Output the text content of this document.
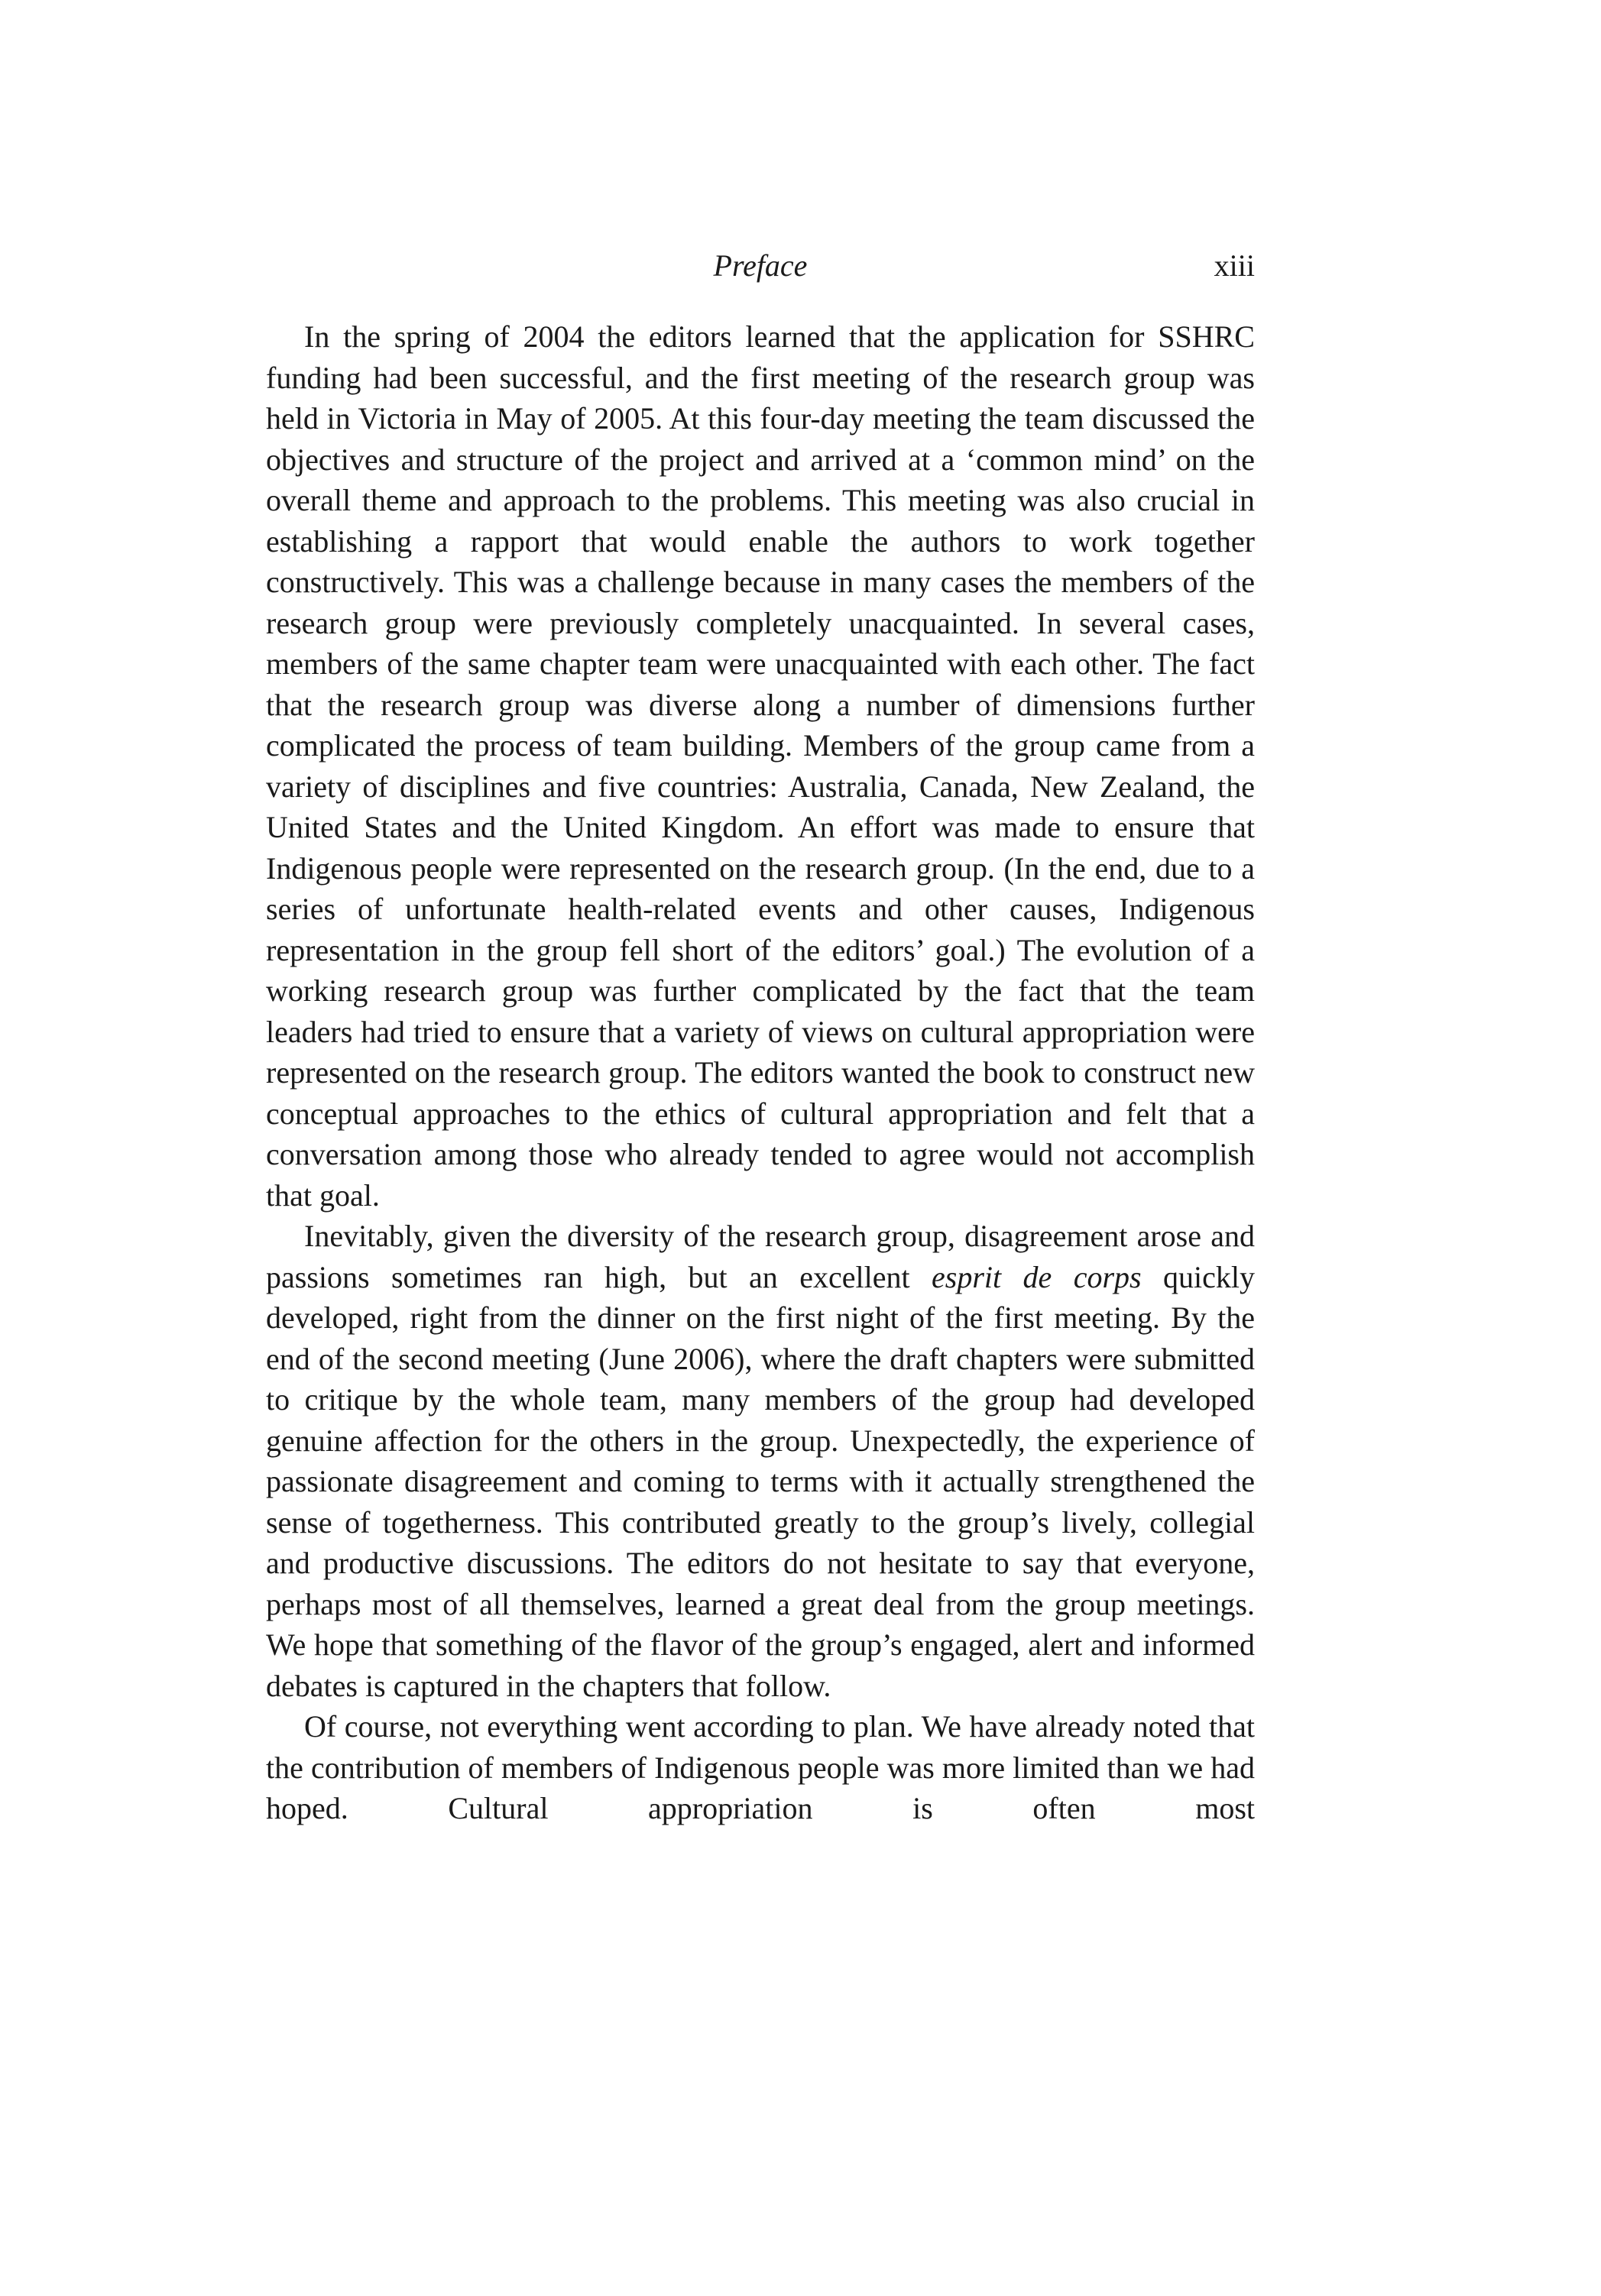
Preface	xiii

In the spring of 2004 the editors learned that the application for SSHRC funding had been successful, and the first meeting of the research group was held in Victoria in May of 2005. At this four-day meeting the team discussed the objectives and structure of the project and arrived at a ‘common mind’ on the overall theme and approach to the problems. This meeting was also crucial in establishing a rapport that would enable the authors to work together constructively. This was a challenge because in many cases the members of the research group were previously completely unacquainted. In several cases, members of the same chapter team were unacquainted with each other. The fact that the research group was diverse along a number of dimensions further complicated the process of team building. Members of the group came from a variety of disciplines and five countries: Australia, Canada, New Zealand, the United States and the United Kingdom. An effort was made to ensure that Indigenous people were represented on the research group. (In the end, due to a series of unfortunate health-related events and other causes, Indigenous representation in the group fell short of the editors’ goal.) The evolution of a working research group was further complicated by the fact that the team leaders had tried to ensure that a variety of views on cultural appropriation were represented on the research group. The editors wanted the book to construct new conceptual approaches to the ethics of cultural appropriation and felt that a conversation among those who already tended to agree would not accomplish that goal.

Inevitably, given the diversity of the research group, disagreement arose and passions sometimes ran high, but an excellent esprit de corps quickly developed, right from the dinner on the first night of the first meeting. By the end of the second meeting (June 2006), where the draft chapters were submitted to critique by the whole team, many members of the group had developed genuine affection for the others in the group. Unexpectedly, the experience of passionate disagreement and coming to terms with it actually strengthened the sense of togetherness. This contributed greatly to the group’s lively, collegial and productive discussions. The editors do not hesitate to say that everyone, perhaps most of all themselves, learned a great deal from the group meetings. We hope that something of the flavor of the group’s engaged, alert and informed debates is captured in the chapters that follow.

Of course, not everything went according to plan. We have already noted that the contribution of members of Indigenous people was more limited than we had hoped. Cultural appropriation is often most
